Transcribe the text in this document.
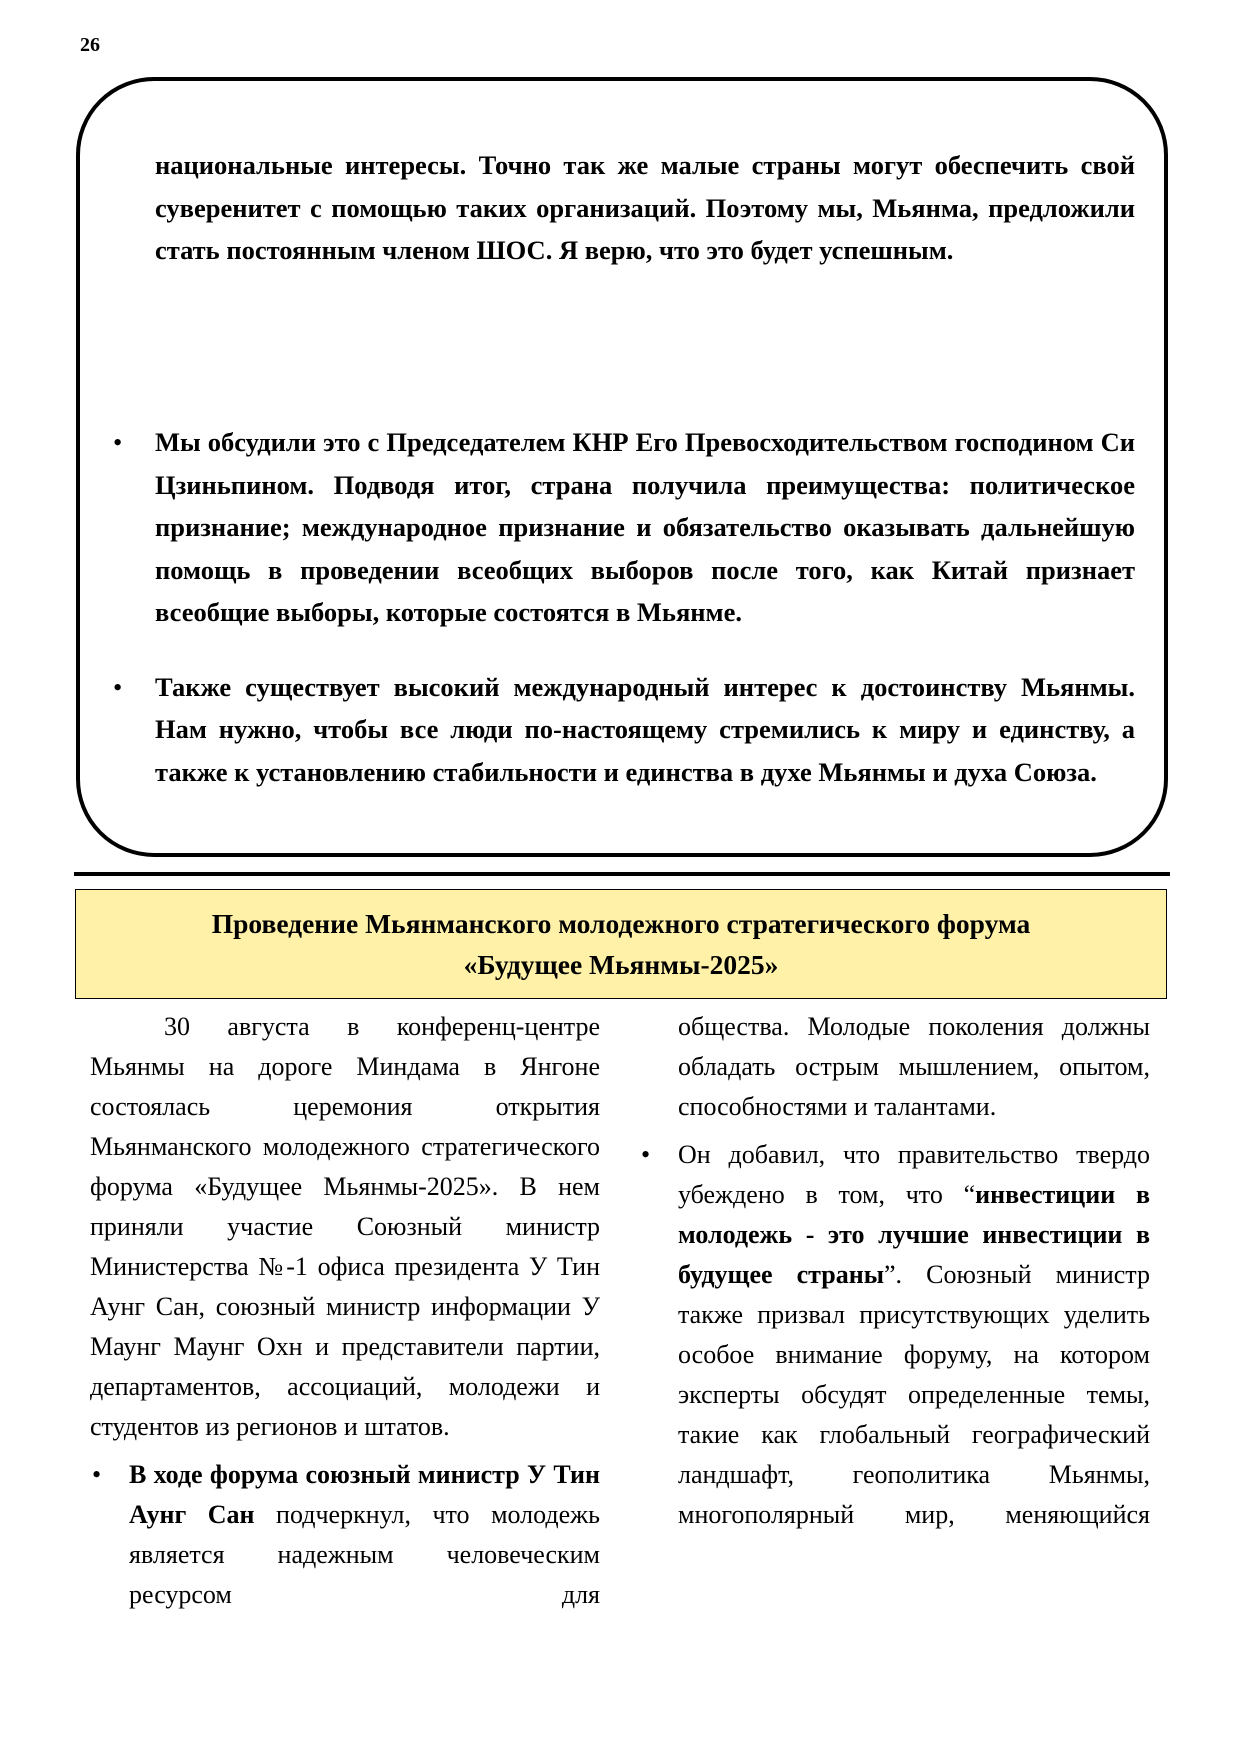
26

национальные интересы. Точно так же малые страны могут обеспечить свой суверенитет с помощью таких организаций. Поэтому мы, Мьянма, предложили стать постоянным членом ШОС. Я верю, что это будет успешным.

• Мы обсудили это с Председателем КНР Его Превосходительством господином Си Цзиньпином. Подводя итог, страна получила преимущества: политическое признание; международное признание и обязательство оказывать дальнейшую помощь в проведении всеобщих выборов после того, как Китай признает всеобщие выборы, которые состоятся в Мьянме.
• Также существует высокий международный интерес к достоинству Мьянмы. Нам нужно, чтобы все люди по-настоящему стремились к миру и единству, а также к установлению стабильности и единства в духе Мьянмы и духа Союза.
Проведение Мьянманского молодежного стратегического форума
«Будущее Мьянмы-2025»

30 августа в конференц-центре Мьянмы на дороге Миндама в Янгоне состоялась церемония открытия Мьянманского молодежного стратегического форума «Будущее Мьянмы-2025». В нем приняли участие Союзный министр Министерства №-1 офиса президента У Тин Аунг Сан, союзный министр информации У Маунг Маунг Охн и представители партии, департаментов, ассоциаций, молодежи и студентов из регионов и штатов.

• В ходе форума союзный министр У Тин Аунг Сан подчеркнул, что молодежь является надежным человеческим ресурсом для

общества. Молодые поколения должны обладать острым мышлением, опытом, способностями и талантами.

• Он добавил, что правительство твердо убеждено в том, что “инвестиции в молодежь - это лучшие инвестиции в будущее страны”. Союзный министр также призвал присутствующих уделить особое внимание форуму, на котором эксперты обсудят определенные темы, такие как глобальный географический ландшафт, геополитика Мьянмы, многополярный мир, меняющийся
